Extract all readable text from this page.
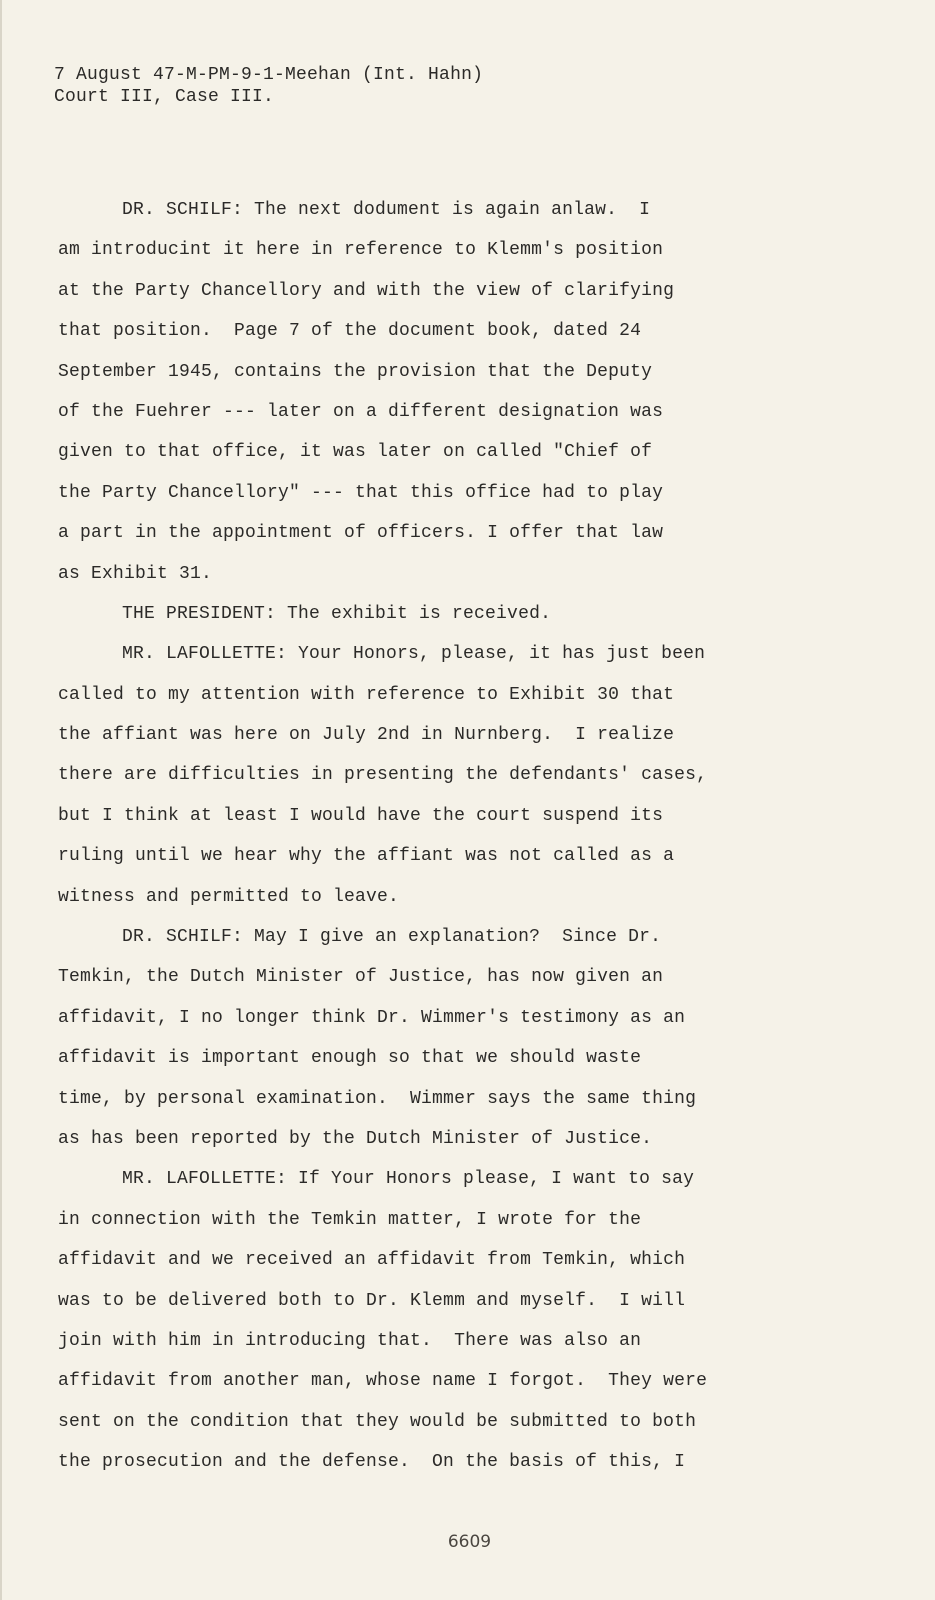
7 August 47-M-PM-9-1-Meehan (Int. Hahn)
Court III, Case III.
DR. SCHILF: The next dodument is again anlaw.  I
am introducint it here in reference to Klemm's position
at the Party Chancellory and with the view of clarifying
that position.  Page 7 of the document book, dated 24
September 1945, contains the provision that the Deputy
of the Fuehrer --- later on a different designation was
given to that office, it was later on called "Chief of
the Party Chancellory" --- that this office had to play
a part in the appointment of officers. I offer that law
as Exhibit 31.
THE PRESIDENT: The exhibit is received.
MR. LAFOLLETTE: Your Honors, please, it has just been
called to my attention with reference to Exhibit 30 that
the affiant was here on July 2nd in Nurnberg.  I realize
there are difficulties in presenting the defendants' cases,
but I think at least I would have the court suspend its
ruling until we hear why the affiant was not called as a
witness and permitted to leave.
DR. SCHILF: May I give an explanation?  Since Dr.
Temkin, the Dutch Minister of Justice, has now given an
affidavit, I no longer think Dr. Wimmer's testimony as an
affidavit is important enough so that we should waste
time, by personal examination.  Wimmer says the same thing
as has been reported by the Dutch Minister of Justice.
MR. LAFOLLETTE: If Your Honors please, I want to say
in connection with the Temkin matter, I wrote for the
affidavit and we received an affidavit from Temkin, which
was to be delivered both to Dr. Klemm and myself.  I will
join with him in introducing that.  There was also an
affidavit from another man, whose name I forgot.  They were
sent on the condition that they would be submitted to both
the prosecution and the defense.  On the basis of this, I
6609
